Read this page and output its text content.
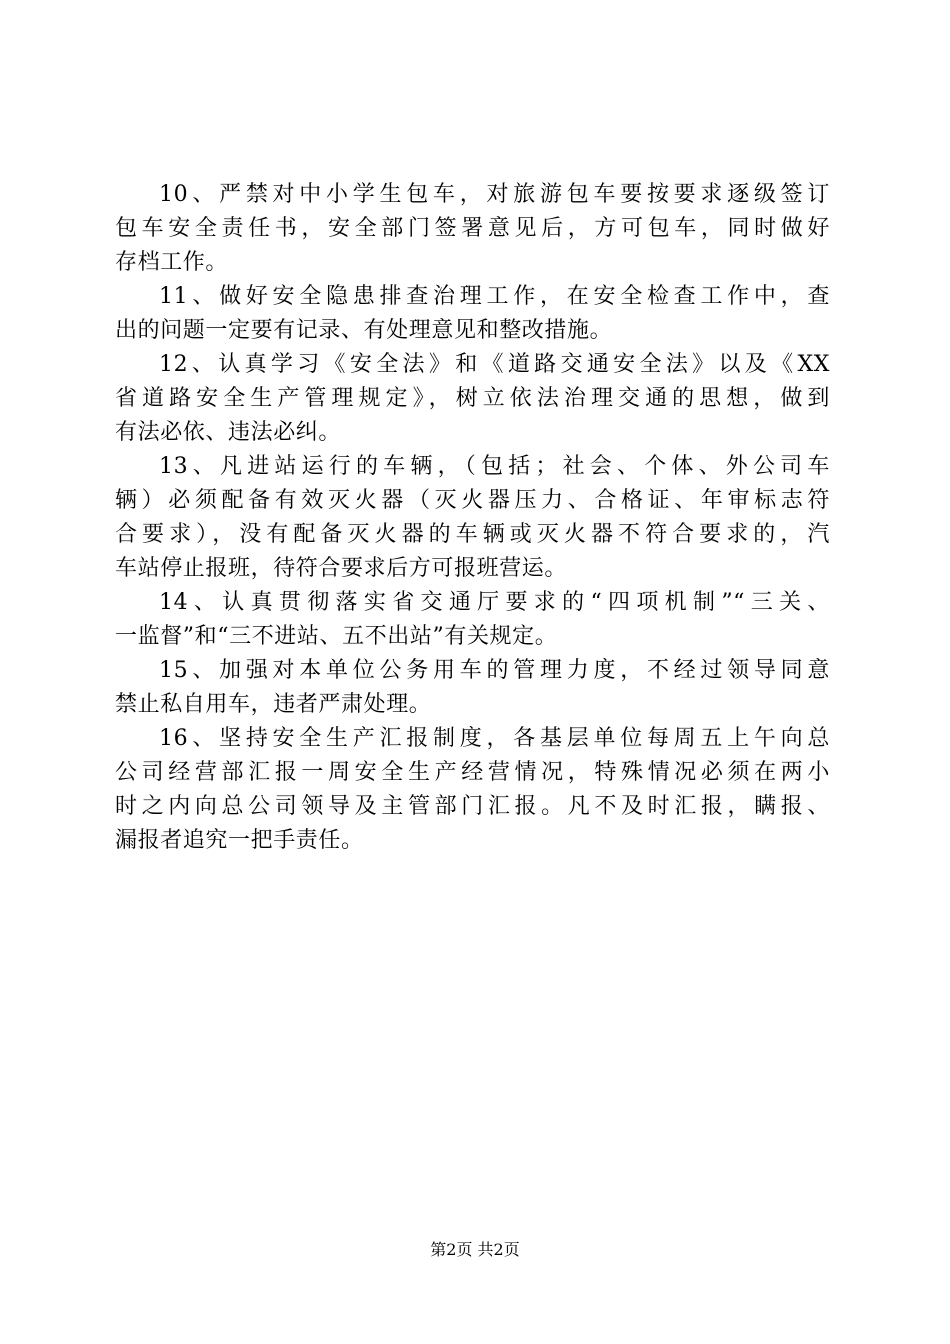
10、严禁对中小学生包车，对旅游包车要按要求逐级签订
包车安全责任书，安全部门签署意见后，方可包车，同时做好
存档工作。
11、做好安全隐患排查治理工作，在安全检查工作中，查
出的问题一定要有记录、有处理意见和整改措施。
12、认真学习《安全法》和《道路交通安全法》以及《XX
省道路安全生产管理规定》，树立依法治理交通的思想，做到
有法必依、违法必纠。
13、凡进站运行的车辆，（包括；社会、个体、外公司车
辆）必须配备有效灭火器（灭火器压力、合格证、年审标志符
合要求），没有配备灭火器的车辆或灭火器不符合要求的，汽
车站停止报班，待符合要求后方可报班营运。
14、认真贯彻落实省交通厅要求的“四项机制”“三关、
一监督”和“三不进站、五不出站”有关规定。
15、加强对本单位公务用车的管理力度，不经过领导同意
禁止私自用车，违者严肃处理。
16、坚持安全生产汇报制度，各基层单位每周五上午向总
公司经营部汇报一周安全生产经营情况，特殊情况必须在两小
时之内向总公司领导及主管部门汇报。凡不及时汇报，瞒报、
漏报者追究一把手责任。
第2页 共2页
